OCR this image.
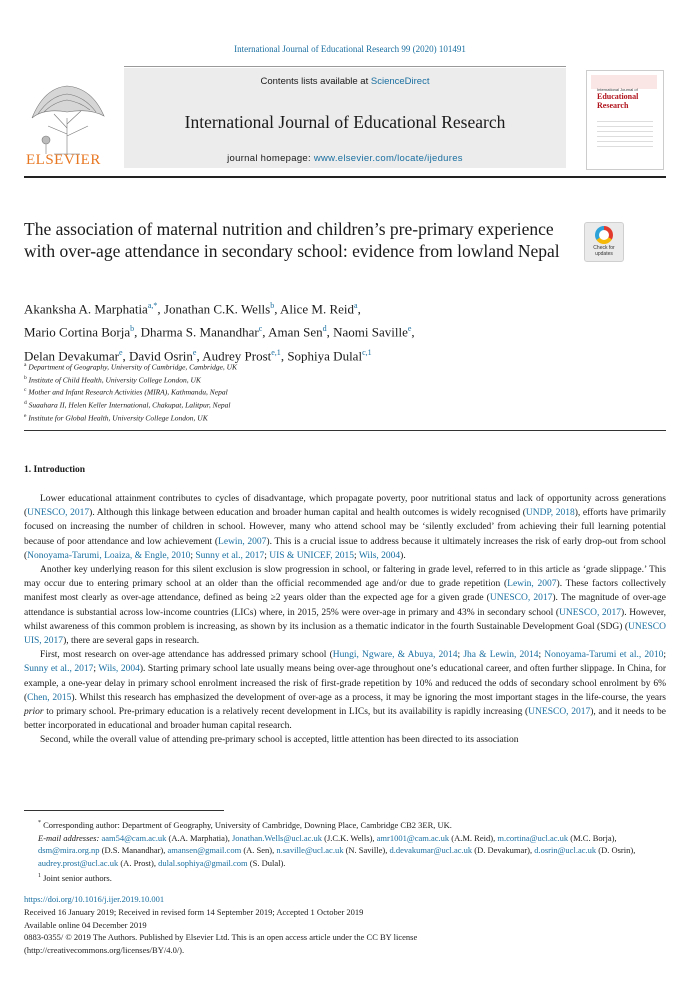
International Journal of Educational Research 99 (2020) 101491
ELSEVIER
Contents lists available at ScienceDirect
International Journal of Educational Research
journal homepage: www.elsevier.com/locate/ijedures
International Journal of
Educational
Research
The association of maternal nutrition and children’s pre-primary experience with over-age attendance in secondary school: evidence from lowland Nepal	Check for updates
Akanksha A. Marphatia$^{a,*}$, Jonathan C.K. Wells$^b$, Alice M. Reid$^a$,
Mario Cortina Borja$^b$, Dharma S. Manandhar$^c$, Aman Sen$^d$, Naomi Saville$^e$,
Delan Devakumar$^e$, David Osrin$^e$, Audrey Prost$^{e,1}$, Sophiya Dulal$^{c,1}$
$^a$ Department of Geography, University of Cambridge, Cambridge, UK
$^b$ Institute of Child Health, University College London, UK
$^c$ Mother and Infant Research Activities (MIRA), Kathmandu, Nepal
$^d$ Suaahara II, Helen Keller International, Chakupat, Lalitpur, Nepal
$^e$ Institute for Global Health, University College London, UK
1. Introduction

Lower educational attainment contributes to cycles of disadvantage, which propagate poverty, poor nutritional status and lack of opportunity across generations (UNESCO, 2017). Although this linkage between education and broader human capital and health outcomes is widely recognised (UNDP, 2018), efforts have primarily focused on increasing the number of children in school. However, many who attend school may be ‘silently excluded’ from achieving their full learning potential because of poor attendance and low achievement (Lewin, 2007). This is a crucial issue to address because it ultimately increases the risk of early drop-out from school (Nonoyama-Tarumi, Loaiza, & Engle, 2010; Sunny et al., 2017; UIS & UNICEF, 2015; Wils, 2004).

Another key underlying reason for this silent exclusion is slow progression in school, or faltering in grade level, referred to in this article as ‘grade slippage.’ This may occur due to entering primary school at an older than the official recommended age and/or due to grade repetition (Lewin, 2007). These factors collectively manifest most clearly as over-age attendance, defined as being ≥2 years older than the expected age for a given grade (UNESCO, 2017). The magnitude of over-age attendance is substantial across low-income countries (LICs) where, in 2015, 25% were over-age in primary and 43% in secondary school (UNESCO, 2017). However, whilst awareness of this common problem is increasing, as shown by its inclusion as a thematic indicator in the fourth Sustainable Development Goal (SDG) (UNESCO UIS, 2017), there are several gaps in research.

First, most research on over-age attendance has addressed primary school (Hungi, Ngware, & Abuya, 2014; Jha & Lewin, 2014; Nonoyama-Tarumi et al., 2010; Sunny et al., 2017; Wils, 2004). Starting primary school late usually means being over-age throughout one’s educational career, and often further slippage. In China, for example, a one-year delay in primary school enrolment increased the risk of first-grade repetition by 10% and reduced the odds of secondary school enrolment by 6% (Chen, 2015). Whilst this research has emphasized the development of over-age as a process, it may be ignoring the most important stages in the life-course, the years prior to primary school. Pre-primary education is a relatively recent development in LICs, but its availability is rapidly increasing (UNESCO, 2017), and it needs to be better incorporated in educational and broader human capital research.

Second, while the overall value of attending pre-primary school is accepted, little attention has been directed to its association

* Corresponding author: Department of Geography, University of Cambridge, Downing Place, Cambridge CB2 3ER, UK.

E-mail addresses: aam54@cam.ac.uk (A.A. Marphatia), Jonathan.Wells@ucl.ac.uk (J.C.K. Wells), amr1001@cam.ac.uk (A.M. Reid), m.cortina@ucl.ac.uk (M.C. Borja), dsm@mira.org.np (D.S. Manandhar), amansen@gmail.com (A. Sen), n.saville@ucl.ac.uk (N. Saville), d.devakumar@ucl.ac.uk (D. Devakumar), d.osrin@ucl.ac.uk (D. Osrin), audrey.prost@ucl.ac.uk (A. Prost), dulal.sophiya@gmail.com (S. Dulal).

$^1$ Joint senior authors.

https://doi.org/10.1016/j.ijer.2019.10.001

Received 16 January 2019; Received in revised form 14 September 2019; Accepted 1 October 2019

Available online 04 December 2019

0883-0355/ © 2019 The Authors. Published by Elsevier Ltd. This is an open access article under the CC BY license

(http://creativecommons.org/licenses/BY/4.0/).
